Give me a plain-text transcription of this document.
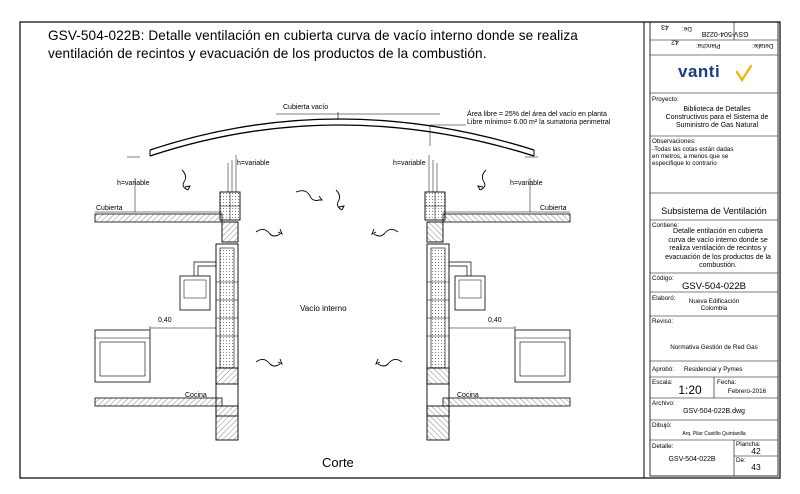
GSV-504-022B: Detalle ventilación en cubierta curva de vacío interno donde se realiza ventilación de recintos y evacuación de los productos de la combustión.
Cubierta vacío
Área libre = 25% del área del vacío en planta
Libre mínimo= 6.00 m² la sumatoria perimetral
h=variable
h=variable	h=variable
h=variable
Cubierta	Cubierta
Vacío interno
0,40	0,40
Cocina	Cocina
Corte
Detalle:
GSV-504-022B
Plancha:
42
De:
43
vanti
Proyecto:
Biblioteca de Detalles Constructivos para el Sistema de Suministro de Gas Natural
Observaciones:
-Todas las cotas están dadas en metros, a menos que se especifique lo contrario
Subsistema de Ventilación
Contiene:
Detalle entilación en cubierta curva de vacío interno donde se realiza ventilación de recintos y evacuación de los productos de la combustión.
Código:
GSV-504-022B
Elaboró:	Nueva Edificación Colombia
Revisó:
Normativa Gestión de Red Gas
Aprobó: Residencial y Pymes
Escala:
1:20
Fecha:
Febrero-2016
Archivo:
GSV-504-022B.dwg
Dibujó:
Arq. Pilar Castillo Quintanilla
Detalle:
GSV-504-022B
Plancha:
42
De:
43
